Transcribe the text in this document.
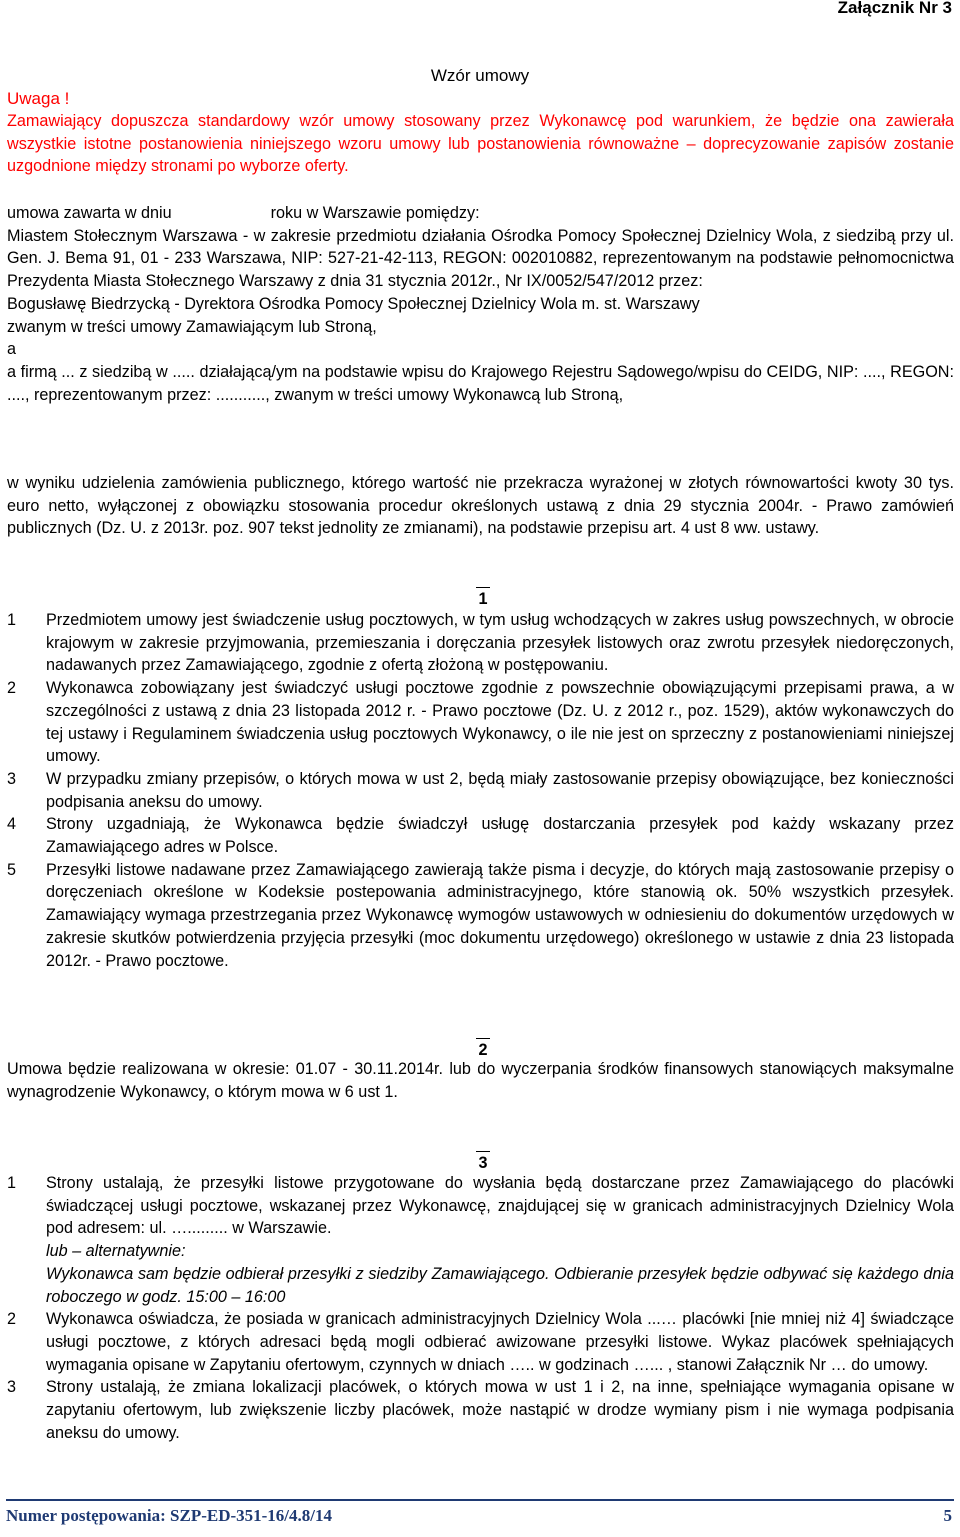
Załącznik Nr 3
Wzór umowy
Uwaga !

Zamawiający dopuszcza standardowy wzór umowy stosowany przez Wykonawcę pod warunkiem, że będzie ona zawierała wszystkie istotne postanowienia niniejszego wzoru umowy lub postanowienia równoważne – doprecyzowanie zapisów zostanie uzgodnione między stronami po wyborze oferty.

umowa zawarta w dniu                      roku w Warszawie pomiędzy:

Miastem Stołecznym Warszawa - w zakresie przedmiotu działania Ośrodka Pomocy Społecznej Dzielnicy Wola, z siedzibą przy ul. Gen. J. Bema 91, 01 - 233 Warszawa, NIP: 527-21-42-113, REGON: 002010882, reprezentowanym na podstawie pełnomocnictwa Prezydenta Miasta Stołecznego Warszawy z dnia 31 stycznia 2012r., Nr IX/0052/547/2012 przez:

Bogusławę Biedrzycką - Dyrektora Ośrodka Pomocy Społecznej Dzielnicy Wola m. st. Warszawy

zwanym w treści umowy Zamawiającym lub Stroną,

a

a firmą ... z siedzibą w ..... działającą/ym na podstawie wpisu do Krajowego Rejestru Sądowego/wpisu do CEIDG, NIP: ...., REGON: ...., reprezentowanym przez: ..........., zwanym w treści umowy Wykonawcą lub Stroną,

w wyniku udzielenia zamówienia publicznego, którego wartość nie przekracza wyrażonej w złotych równowartości kwoty 30 tys. euro netto, wyłączonej z obowiązku stosowania procedur określonych ustawą z dnia 29 stycznia 2004r. - Prawo zamówień publicznych (Dz. U. z 2013r. poz. 907 tekst jednolity ze zmianami), na podstawie przepisu art. 4 ust 8 ww. ustawy.

1
1	Przedmiotem umowy jest świadczenie usług pocztowych, w tym usług wchodzących w zakres usług powszechnych, w obrocie krajowym w zakresie przyjmowania, przemieszania i doręczania przesyłek listowych oraz zwrotu przesyłek niedoręczonych, nadawanych przez Zamawiającego, zgodnie z ofertą złożoną w postępowaniu.

2	Wykonawca zobowiązany jest świadczyć usługi pocztowe zgodnie z powszechnie obowiązującymi przepisami prawa, a w szczególności z ustawą z dnia 23 listopada 2012 r. - Prawo pocztowe (Dz. U. z 2012 r., poz. 1529), aktów wykonawczych do tej ustawy i Regulaminem świadczenia usług pocztowych Wykonawcy, o ile nie jest on sprzeczny z postanowieniami niniejszej umowy.

3	W przypadku zmiany przepisów, o których mowa w ust 2, będą miały zastosowanie przepisy obowiązujące, bez konieczności podpisania aneksu do umowy.

4	Strony uzgadniają, że Wykonawca będzie świadczył usługę dostarczania przesyłek pod każdy wskazany przez Zamawiającego adres w Polsce.

5	Przesyłki listowe nadawane przez Zamawiającego zawierają także pisma i decyzje, do których mają zastosowanie przepisy o doręczeniach określone w Kodeksie postepowania administracyjnego, które stanowią ok. 50% wszystkich przesyłek. Zamawiający wymaga przestrzegania przez Wykonawcę wymogów ustawowych w odniesieniu do dokumentów urzędowych w zakresie skutków potwierdzenia przyjęcia przesyłki (moc dokumentu urzędowego) określonego w ustawie z dnia 23 listopada 2012r. - Prawo pocztowe.

2

Umowa będzie realizowana w okresie: 01.07 - 30.11.2014r. lub do wyczerpania środków finansowych stanowiących maksymalne wynagrodzenie Wykonawcy, o którym mowa w 6 ust 1.

3
1	Strony ustalają, że przesyłki listowe przygotowane do wysłania będą dostarczane przez Zamawiającego do placówki świadczącej usługi pocztowe, wskazanej przez Wykonawcę, znajdującej się w granicach administracyjnych Dzielnicy Wola pod adresem: ul. …......... w Warszawie.

lub – alternatywnie:

Wykonawca sam będzie odbierał przesyłki z siedziby Zamawiającego. Odbieranie przesyłek będzie odbywać się każdego dnia roboczego w godz. 15:00 – 16:00

2	Wykonawca oświadcza, że posiada w granicach administracyjnych Dzielnicy Wola ...… placówki [nie mniej niż 4] świadczące usługi pocztowe, z których adresaci będą mogli odbierać awizowane przesyłki listowe. Wykaz placówek spełniających wymagania opisane w Zapytaniu ofertowym, czynnych w dniach ….. w godzinach …... , stanowi Załącznik Nr … do umowy.

3	Strony ustalają, że zmiana lokalizacji placówek, o których mowa w ust 1 i 2, na inne, spełniające wymagania opisane w zapytaniu ofertowym, lub zwiększenie liczby placówek, może nastąpić w drodze wymiany pism i nie wymaga podpisania aneksu do umowy.

Numer postępowania: SZP-ED-351-16/4.8/14	5
